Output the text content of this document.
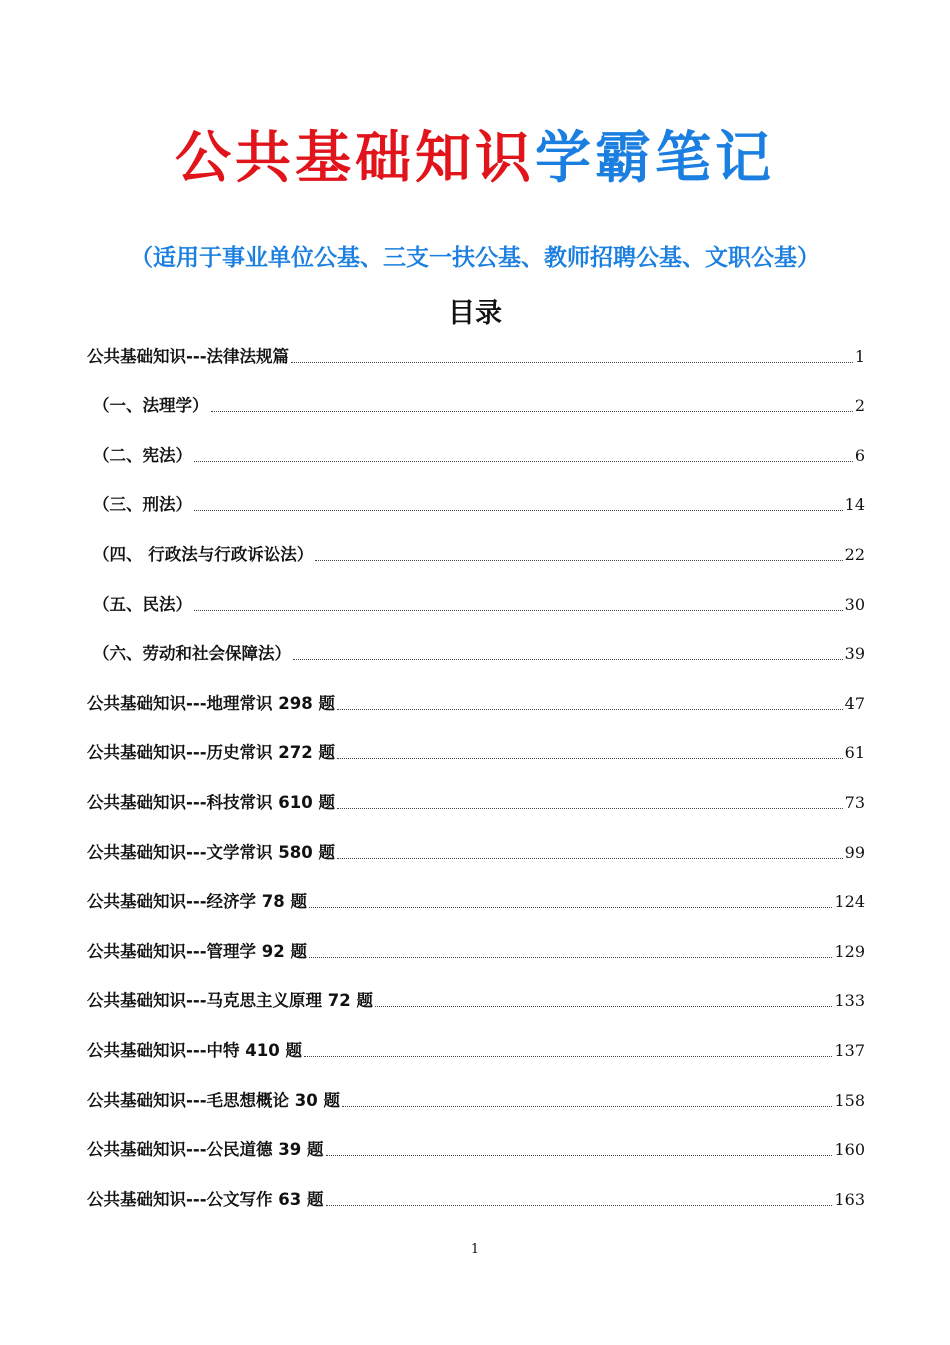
公共基础知识学霸笔记

（适用于事业单位公基、三支一扶公基、教师招聘公基、文职公基）

目录
公共基础知识---法律法规篇	1
（一、法理学）	2
（二、宪法）	6
（三、刑法）	14
（四、 行政法与行政诉讼法）	22
（五、民法）	30
（六、劳动和社会保障法）	39
公共基础知识---地理常识 298 题	47
公共基础知识---历史常识 272 题	61
公共基础知识---科技常识 610 题	73
公共基础知识---文学常识 580 题	99
公共基础知识---经济学 78 题	124
公共基础知识---管理学 92 题	129
公共基础知识---马克思主义原理 72 题	133
公共基础知识---中特 410 题	137
公共基础知识---毛思想概论 30 题	158
公共基础知识---公民道德 39 题	160
公共基础知识---公文写作 63 题	163

1
